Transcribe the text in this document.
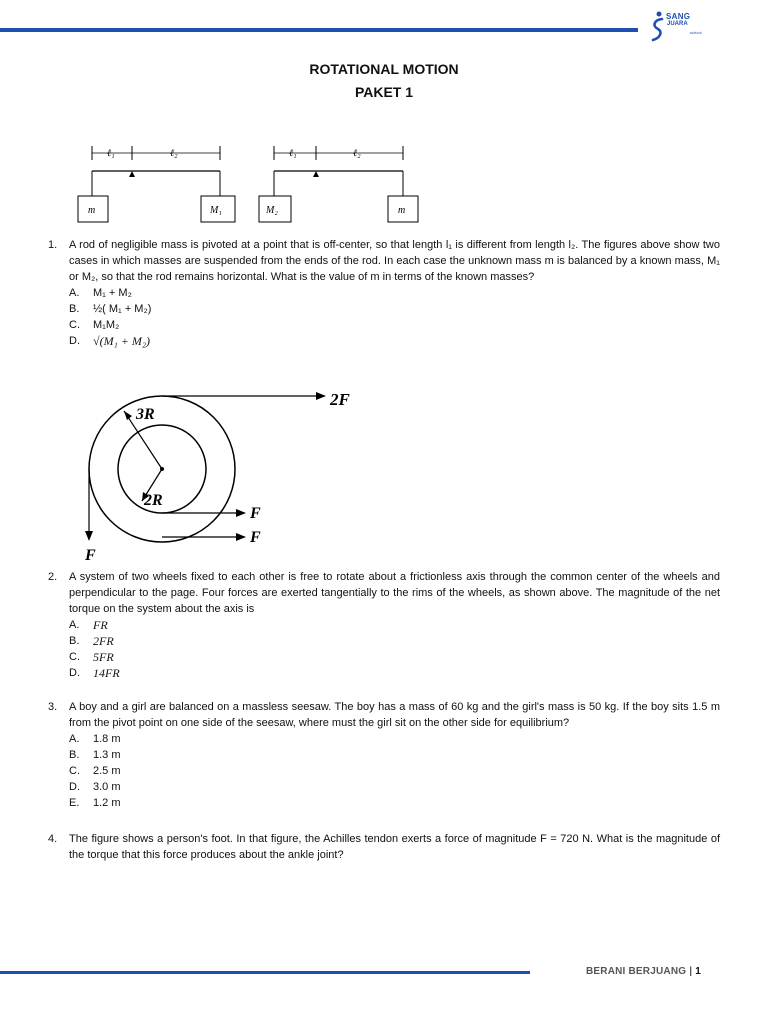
SANG
JUARA
school
ROTATIONAL MOTION
PAKET 1
ℓ₁	ℓ₂
m	M₁
ℓ₁	ℓ₂
M₂	m
1. A rod of negligible mass is pivoted at a point that is off-center, so that length l₁ is different from length l₂. The figures above show two cases in which masses are suspended from the ends of the rod. In each case the unknown mass m is balanced by a known mass, M₁ or M₂, so that the rod remains horizontal. What is the value of m in terms of the known masses?
A. M₁ + M₂
B. ½( M₁ + M₂)
C. M₁M₂
D. √(M₁ + M₂)
3R
2R
2F
F
F
F
2. A system of two wheels fixed to each other is free to rotate about a frictionless axis through the common center of the wheels and perpendicular to the page. Four forces are exerted tangentially to the rims of the wheels, as shown above. The magnitude of the net torque on the system about the axis is
A. FR
B. 2FR
C. 5FR
D. 14FR
3. A boy and a girl are balanced on a massless seesaw. The boy has a mass of 60 kg and the girl's mass is 50 kg. If the boy sits 1.5 m from the pivot point on one side of the seesaw, where must the girl sit on the other side for equilibrium?
A. 1.8 m
B. 1.3 m
C. 2.5 m
D. 3.0 m
E. 1.2 m
4. The figure shows a person's foot. In that figure, the Achilles tendon exerts a force of magnitude F = 720 N. What is the magnitude of the torque that this force produces about the ankle joint?
BERANI BERJUANG | 1
